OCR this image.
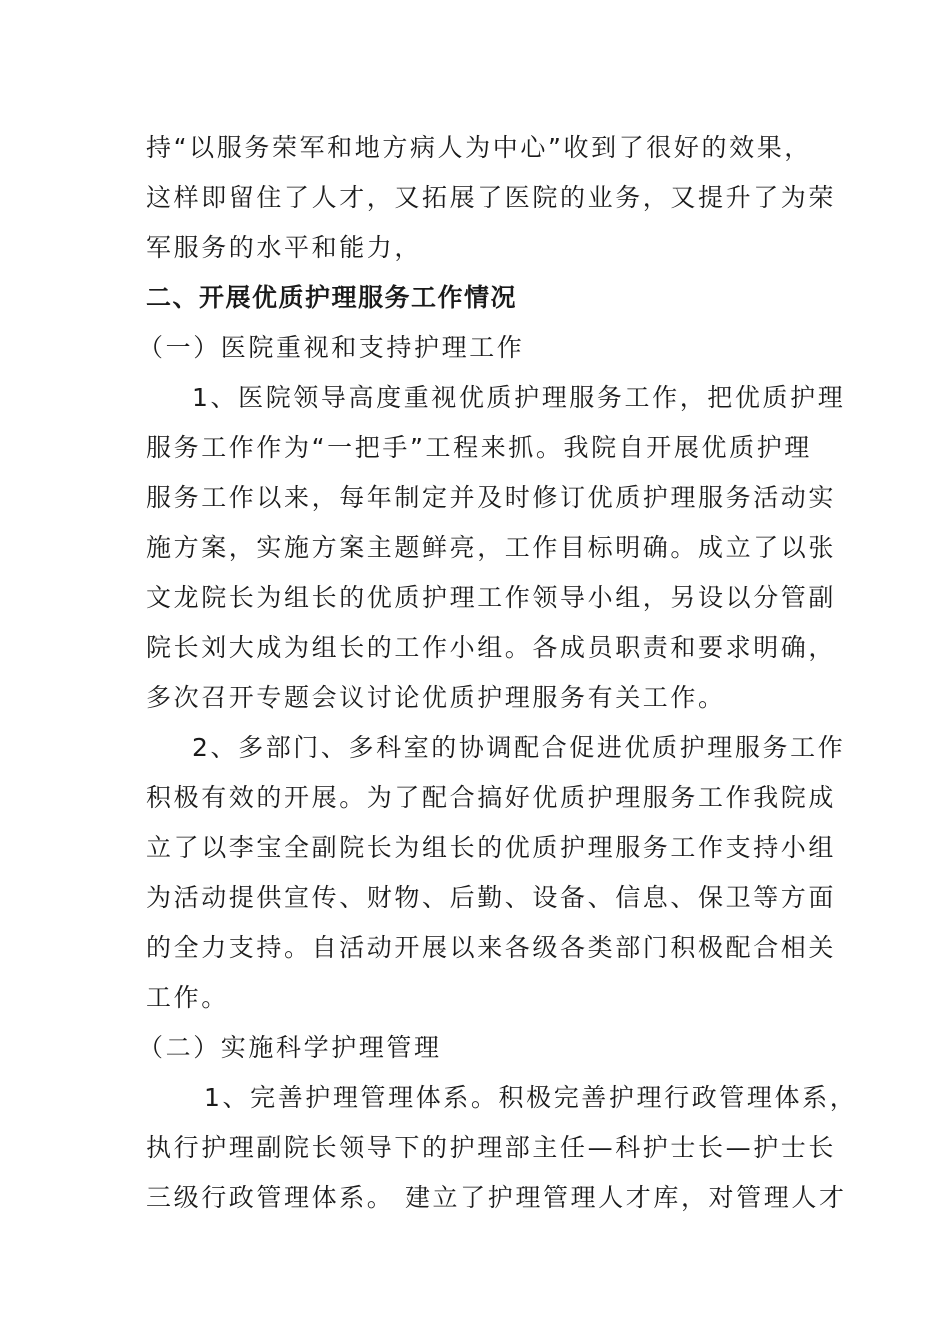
持“以服务荣军和地方病人为中心”收到了很好的效果，
这样即留住了人才，又拓展了医院的业务，又提升了为荣
军服务的水平和能力，
二、开展优质护理服务工作情况
（一）医院重视和支持护理工作
1、医院领导高度重视优质护理服务工作，把优质护理
服务工作作为“一把手”工程来抓。我院自开展优质护理
服务工作以来，每年制定并及时修订优质护理服务活动实
施方案，实施方案主题鲜亮，工作目标明确。成立了以张
文龙院长为组长的优质护理工作领导小组，另设以分管副
院长刘大成为组长的工作小组。各成员职责和要求明确，
多次召开专题会议讨论优质护理服务有关工作。
2、多部门、多科室的协调配合促进优质护理服务工作
积极有效的开展。为了配合搞好优质护理服务工作我院成
立了以李宝全副院长为组长的优质护理服务工作支持小组
为活动提供宣传、财物、后勤、设备、信息、保卫等方面
的全力支持。自活动开展以来各级各类部门积极配合相关
工作。
（二）实施科学护理管理
1、完善护理管理体系。积极完善护理行政管理体系，
执行护理副院长领导下的护理部主任—科护士长—护士长
三级行政管理体系。 建立了护理管理人才库，对管理人才
